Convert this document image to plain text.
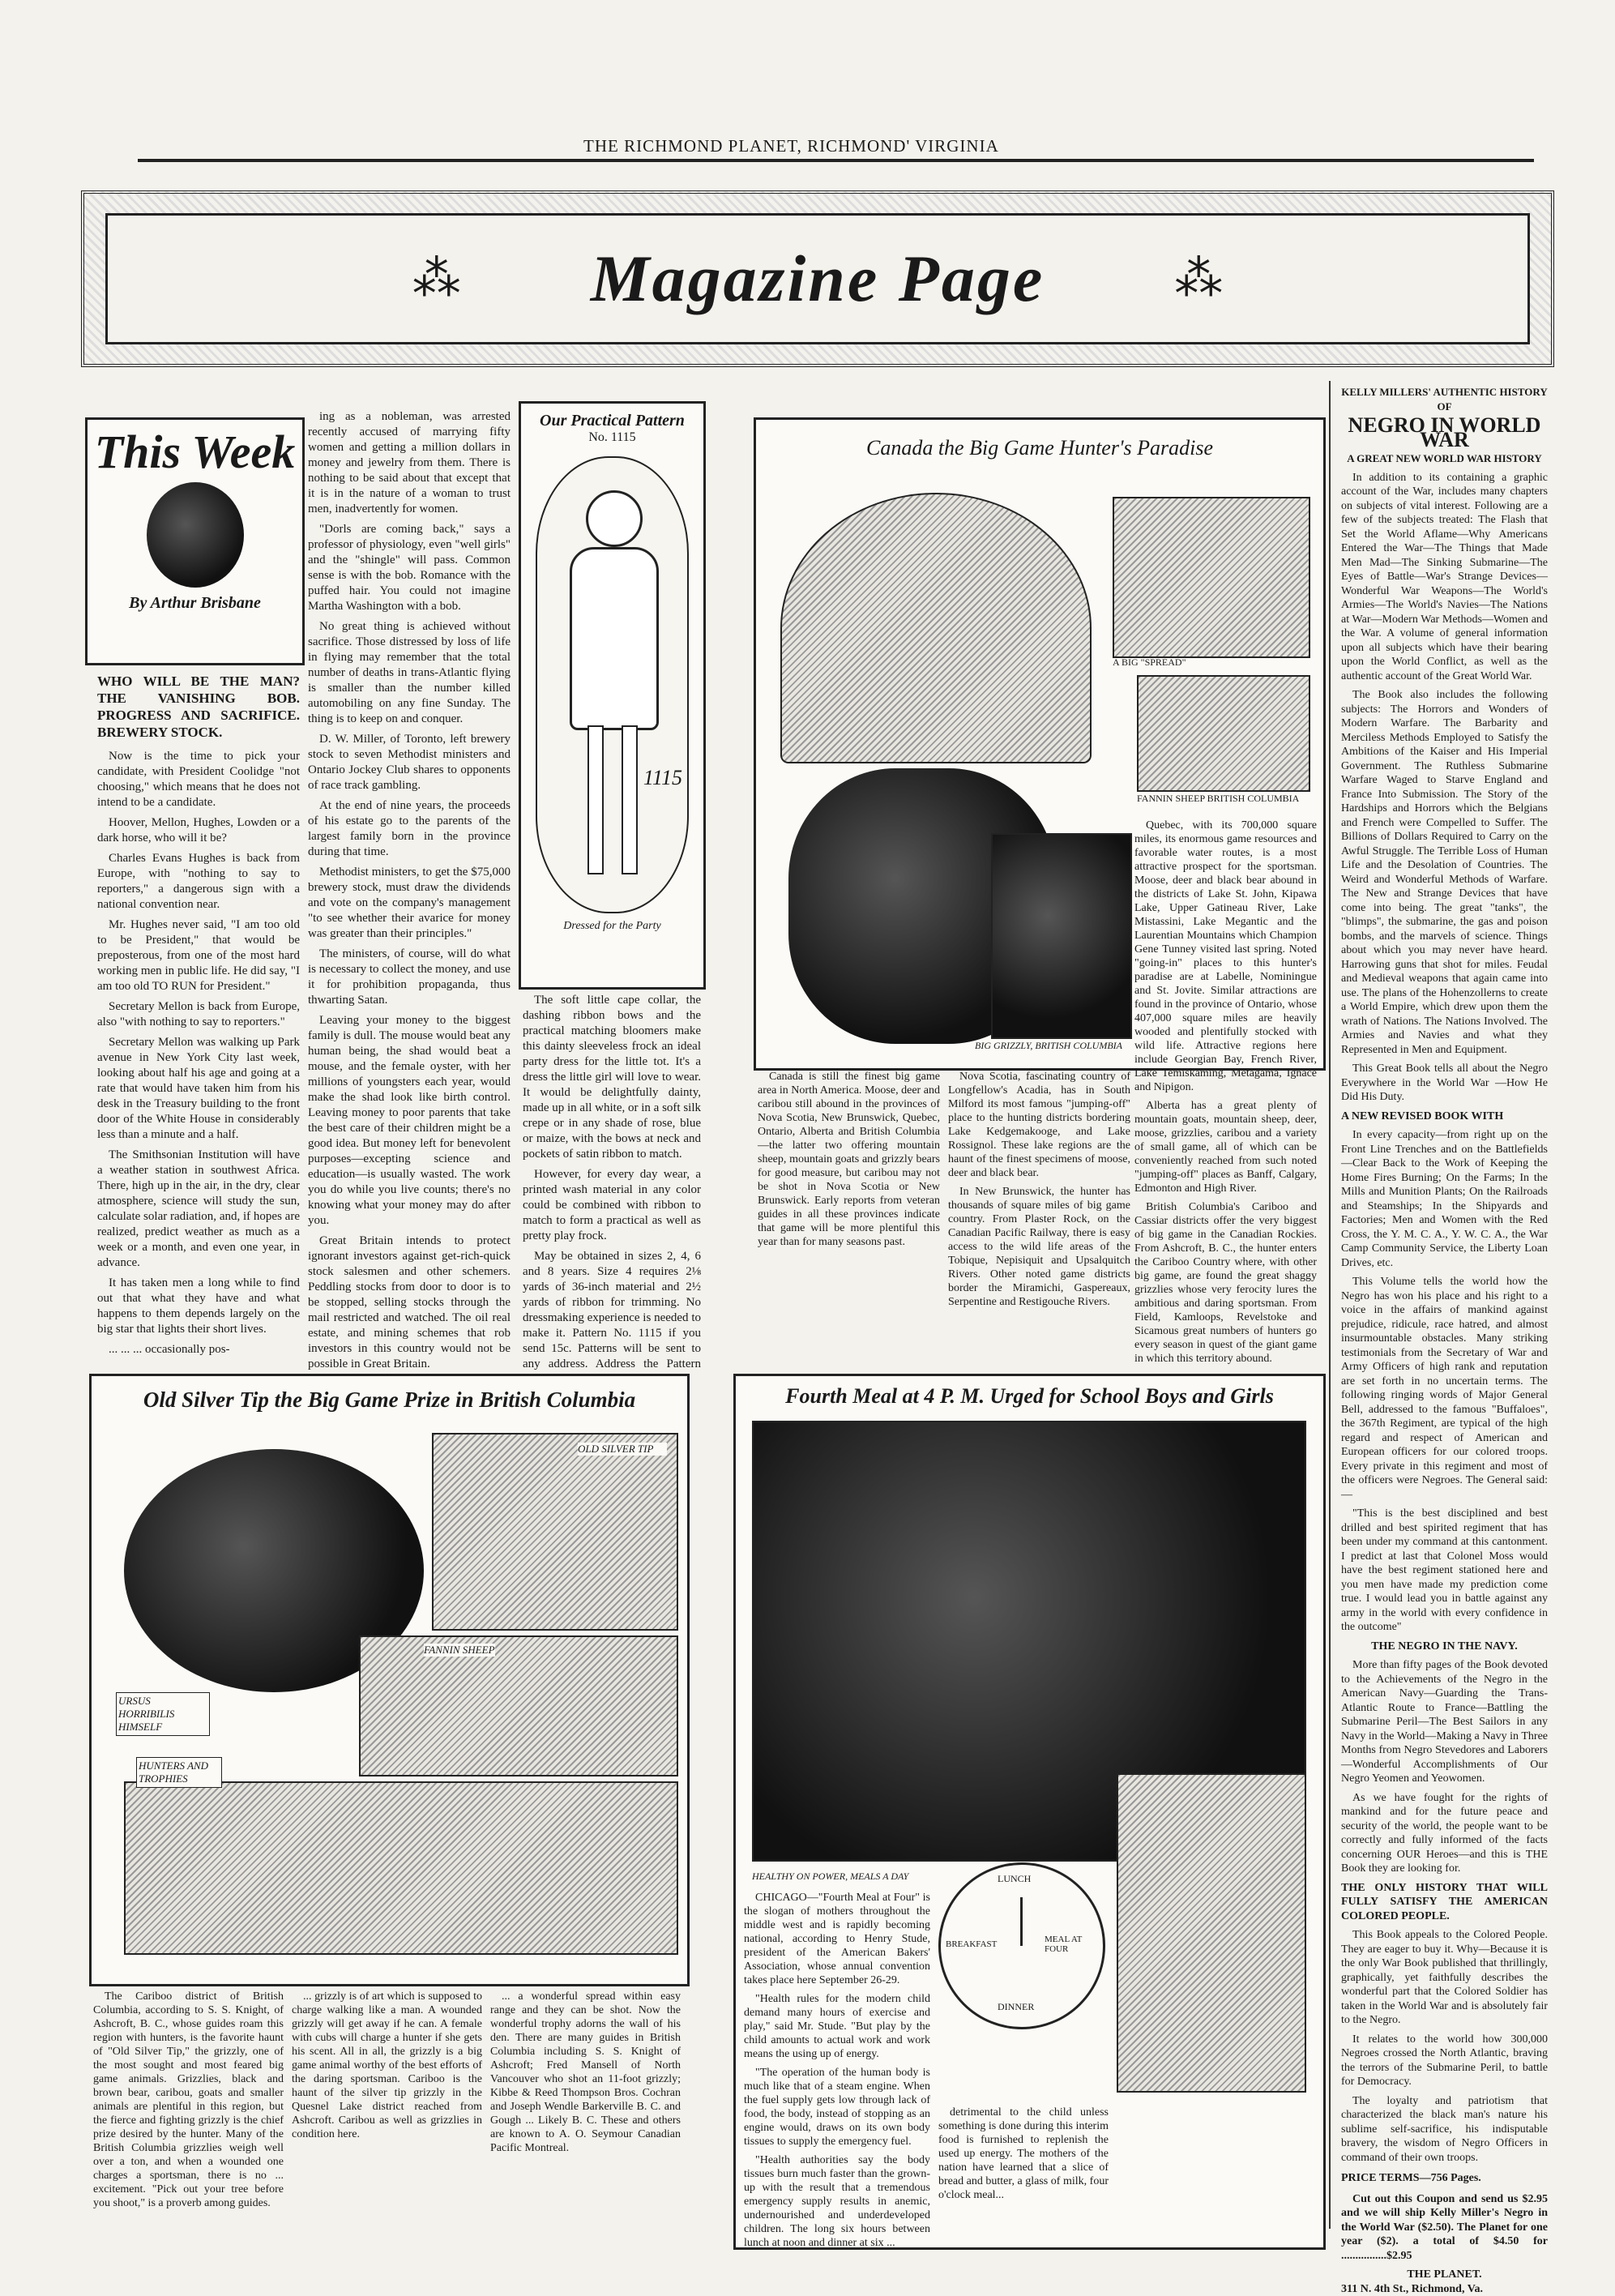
THE RICHMOND PLANET, RICHMOND' VIRGINIA
⁂ Magazine Page	⁂
This Week
By Arthur Brisbane
WHO WILL BE THE MAN? THE VANISHING BOB. PROGRESS AND SACRIFICE. BREWERY STOCK.

Now is the time to pick your candidate, with President Coolidge "not choosing," which means that he does not intend to be a candidate.

Hoover, Mellon, Hughes, Lowden or a dark horse, who will it be?

Charles Evans Hughes is back from Europe, with "nothing to say to reporters," a dangerous sign with a national convention near.

Mr. Hughes never said, "I am too old to be President," that would be preposterous, from one of the most hard working men in public life. He did say, "I am too old TO RUN for President."

Secretary Mellon is back from Europe, also "with nothing to say to reporters."

Secretary Mellon was walking up Park avenue in New York City last week, looking about half his age and going at a rate that would have taken him from his desk in the Treasury building to the front door of the White House in considerably less than a minute and a half.

The Smithsonian Institution will have a weather station in southwest Africa. There, high up in the air, in the dry, clear atmosphere, science will study the sun, calculate solar radiation, and, if hopes are realized, predict weather as much as a week or a month, and even one year, in advance.

It has taken men a long while to find out that what they have and what happens to them depends largely on the big star that lights their short lives.

... ... ... occasionally pos-

ing as a nobleman, was arrested recently accused of marrying fifty women and getting a million dollars in money and jewelry from them. There is nothing to be said about that except that it is in the nature of a woman to trust men, inadvertently for women.

"Dorls are coming back," says a professor of physiology, even "well girls" and the "shingle" will pass. Common sense is with the bob. Romance with the puffed hair. You could not imagine Martha Washington with a bob.

No great thing is achieved without sacrifice. Those distressed by loss of life in flying may remember that the total number of deaths in trans-Atlantic flying is smaller than the number killed automobiling on any fine Sunday. The thing is to keep on and conquer.

D. W. Miller, of Toronto, left brewery stock to seven Methodist ministers and Ontario Jockey Club shares to opponents of race track gambling.

At the end of nine years, the proceeds of his estate go to the parents of the largest family born in the province during that time.

Methodist ministers, to get the $75,000 brewery stock, must draw the dividends and vote on the company's management "to see whether their avarice for money was greater than their principles."

The ministers, of course, will do what is necessary to collect the money, and use it for prohibition propaganda, thus thwarting Satan.

Leaving your money to the biggest family is dull. The mouse would beat any human being, the shad would beat a mouse, and the female oyster, with her millions of youngsters each year, would make the shad look like birth control. Leaving money to poor parents that take the best care of their children might be a good idea. But money left for benevolent purposes—excepting science and education—is usually wasted. The work you do while you live counts; there's no knowing what your money may do after you.

Great Britain intends to protect ignorant investors against get-rich-quick stock salesmen and other schemers. Peddling stocks from door to door is to be stopped, selling stocks through the mail restricted and watched. The oil real estate, and mining schemes that rob investors in this country would not be possible in Great Britain.

Our Practical Pattern
No. 1115
1115
Dressed for the Party

The soft little cape collar, the dashing ribbon bows and the practical matching bloomers make this dainty sleeveless frock an ideal party dress for the little tot. It's a dress the little girl will love to wear. It would be delightfully dainty, made up in all white, or in a soft silk crepe or in any shade of rose, blue or maize, with the bows at neck and pockets of satin ribbon to match.

However, for every day wear, a printed wash material in any color could be combined with ribbon to match to form a practical as well as pretty play frock.

May be obtained in sizes 2, 4, 6 and 8 years. Size 4 requires 2⅛ yards of 36-inch material and 2½ yards of ribbon for trimming. No dressmaking experience is needed to make it. Pattern No. 1115 if you send 15c. Patterns will be sent to any address. Address the Pattern

Canada the Big Game Hunter's Paradise
A BIG "SPREAD"
FANNIN SHEEP BRITISH COLUMBIA
BIG GRIZZLY, BRITISH COLUMBIA

Quebec, with its 700,000 square miles, its enormous game resources and favorable water routes, is a most attractive prospect for the sportsman. Moose, deer and black bear abound in the districts of Lake St. John, Kipawa Lake, Upper Gatineau River, Lake Mistassini, Lake Megantic and the Laurentian Mountains which Champion Gene Tunney visited last spring. Noted "going-in" places to this hunter's paradise are at Labelle, Nominingue and St. Jovite. Similar attractions are found in the province of Ontario, whose 407,000 square miles are heavily wooded and plentifully stocked with wild life. Attractive regions here include Georgian Bay, French River, Lake Temiskaming, Metagama, Ignace and Nipigon.

Alberta has a great plenty of mountain goats, mountain sheep, deer, moose, grizzlies, caribou and a variety of small game, all of which can be conveniently reached from such noted "jumping-off" places as Banff, Calgary, Edmonton and High River.

British Columbia's Cariboo and Cassiar districts offer the very biggest of big game in the Canadian Rockies. From Ashcroft, B. C., the hunter enters the Cariboo Country where, with other big game, are found the great shaggy grizzlies whose very ferocity lures the ambitious and daring sportsman. From Field, Kamloops, Revelstoke and Sicamous great numbers of hunters go every season in quest of the giant game in which this territory abound.

Canada is still the finest big game area in North America. Moose, deer and caribou still abound in the provinces of Nova Scotia, New Brunswick, Quebec, Ontario, Alberta and British Columbia—the latter two offering mountain sheep, mountain goats and grizzly bears for good measure, but caribou may not be shot in Nova Scotia or New Brunswick. Early reports from veteran guides in all these provinces indicate that game will be more plentiful this year than for many seasons past.

Nova Scotia, fascinating country of Longfellow's Acadia, has in South Milford its most famous "jumping-off" place to the hunting districts bordering Lake Kedgemakooge, and Lake Rossignol. These lake regions are the haunt of the finest specimens of moose, deer and black bear.

In New Brunswick, the hunter has thousands of square miles of big game country. From Plaster Rock, on the Canadian Pacific Railway, there is easy access to the wild life areas of the Tobique, Nepisiquit and Upsalquitch Rivers. Other noted game districts border the Miramichi, Gaspereaux, Serpentine and Restigouche Rivers.

KELLY MILLERS' AUTHENTIC HISTORY OF
NEGRO IN WORLD WAR
A GREAT NEW WORLD WAR HISTORY

In addition to its containing a graphic account of the War, includes many chapters on subjects of vital interest. Following are a few of the subjects treated: The Flash that Set the World Aflame—Why Americans Entered the War—The Things that Made Men Mad—The Sinking Submarine—The Eyes of Battle—War's Strange Devices—Wonderful War Weapons—The World's Armies—The World's Navies—The Nations at War—Modern War Methods—Women and the War. A volume of general information upon all subjects which have their bearing upon the World Conflict, as well as the authentic account of the Great World War.

The Book also includes the following subjects: The Horrors and Wonders of Modern Warfare. The Barbarity and Merciless Methods Employed to Satisfy the Ambitions of the Kaiser and His Imperial Government. The Ruthless Submarine Warfare Waged to Starve England and France Into Submission. The Story of the Hardships and Horrors which the Belgians and French were Compelled to Suffer. The Billions of Dollars Required to Carry on the Awful Struggle. The Terrible Loss of Human Life and the Desolation of Countries. The Weird and Wonderful Methods of Warfare. The New and Strange Devices that have come into being. The great "tanks", the "blimps", the submarine, the gas and poison bombs, and the marvels of science. Things about which you may never have heard. Harrowing guns that shot for miles. Feudal and Medieval weapons that again came into use. The plans of the Hohenzollerns to create a World Empire, which drew upon them the wrath of Nations. The Nations Involved. The Armies and Navies and what they Represented in Men and Equipment.

This Great Book tells all about the Negro Everywhere in the World War —How He Did His Duty.

A NEW REVISED BOOK WITH

In every capacity—from right up on the Front Line Trenches and on the Battlefields—Clear Back to the Work of Keeping the Home Fires Burning; On the Farms; In the Mills and Munition Plants; On the Railroads and Steamships; In the Shipyards and Factories; Men and Women with the Red Cross, the Y. M. C. A., Y. W. C. A., the War Camp Community Service, the Liberty Loan Drives, etc.

This Volume tells the world how the Negro has won his place and his right to a voice in the affairs of mankind against prejudice, ridicule, race hatred, and almost insurmountable obstacles. Many striking testimonials from the Secretary of War and Army Officers of high rank and reputation are set forth in no uncertain terms. The following ringing words of Major General Bell, addressed to the famous "Buffaloes", the 367th Regiment, are typical of the high regard and respect of American and European officers for our colored troops. Every private in this regiment and most of the officers were Negroes. The General said:—

"This is the best disciplined and best drilled and best spirited regiment that has been under my command at this cantonment. I predict at last that Colonel Moss would have the best regiment stationed here and you men have made my prediction come true. I would lead you in battle against any army in the world with every confidence in the outcome"

THE NEGRO IN THE NAVY.

More than fifty pages of the Book devoted to the Achievements of the Negro in the American Navy—Guarding the Trans-Atlantic Route to France—Battling the Submarine Peril—The Best Sailors in any Navy in the World—Making a Navy in Three Months from Negro Stevedores and Laborers—Wonderful Accomplishments of Our Negro Yeomen and Yeowomen.

As we have fought for the rights of mankind and for the future peace and security of the world, the people want to be correctly and fully informed of the facts concerning OUR Heroes—and this is THE Book they are looking for.

THE ONLY HISTORY THAT WILL FULLY SATISFY THE AMERICAN COLORED PEOPLE.

This Book appeals to the Colored People. They are eager to buy it. Why—Because it is the only War Book published that thrillingly, graphically, yet faithfully describes the wonderful part that the Colored Soldier has taken in the World War and is absolutely fair to the Negro.

It relates to the world how 300,000 Negroes crossed the North Atlantic, braving the terrors of the Submarine Peril, to battle for Democracy.

The loyalty and patriotism that characterized the black man's nature his sublime self-sacrifice, his indisputable bravery, the wisdom of Negro Officers in command of their own troops.

PRICE TERMS—756 Pages.

Cut out this Coupon and send us $2.95 and we will ship Kelly Miller's Negro in the World War ($2.50). The Planet for one year ($2). a total of $4.50 for ................$2.95

THE PLANET.
311 N. 4th St., Richmond, Va.
Old Silver Tip the Big Game Prize in British Columbia
OLD SILVER TIP
FANNIN SHEEP
URSUS HORRIBILIS HIMSELF
HUNTERS AND TROPHIES

The Cariboo district of British Columbia, according to S. S. Knight, of Ashcroft, B. C., whose guides roam this region with hunters, is the favorite haunt of "Old Silver Tip," the grizzly, one of the most sought and most feared big game animals. Grizzlies, black and brown bear, caribou, goats and smaller animals are plentiful in this region, but the fierce and fighting grizzly is the chief prize desired by the hunter. Many of the British Columbia grizzlies weigh well over a ton, and when a wounded one charges a sportsman, there is no ... excitement. "Pick out your tree before you shoot," is a proverb among guides.

... grizzly is of art which is supposed to charge walking like a man. A wounded grizzly will get away if he can. A female with cubs will charge a hunter if she gets his scent. All in all, the grizzly is a big game animal worthy of the best efforts of the daring sportsman. Cariboo is the haunt of the silver tip grizzly in the Quesnel Lake district reached from Ashcroft. Caribou as well as grizzlies in condition here.

... a wonderful spread within easy range and they can be shot. Now the wonderful trophy adorns the wall of his den. There are many guides in British Columbia including S. S. Knight of Ashcroft; Fred Mansell of North Vancouver who shot an 11-foot grizzly; Kibbe & Reed Thompson Bros. Cochran and Joseph Wendle Barkerville B. C. and Gough ... Likely B. C. These and others are known to A. O. Seymour Canadian Pacific Montreal.

Fourth Meal at 4 P. M. Urged for School Boys and Girls
HEALTHY ON POWER, MEALS A DAY	LUNCH
BREAKFAST	MEAL AT FOUR
DINNER

CHICAGO—"Fourth Meal at Four" is the slogan of mothers throughout the middle west and is rapidly becoming national, according to Henry Stude, president of the American Bakers' Association, whose annual convention takes place here September 26-29.

"Health rules for the modern child demand many hours of exercise and play," said Mr. Stude. "But play by the child amounts to actual work and work means the using up of energy.

"The operation of the human body is much like that of a steam engine. When the fuel supply gets low through lack of food, the body, instead of stopping as an engine would, draws on its own body tissues to supply the emergency fuel.

"Health authorities say the body tissues burn much faster than the grown-up with the result that a tremendous emergency supply results in anemic, undernourished and underdeveloped children. The long six hours between lunch at noon and dinner at six ...

detrimental to the child unless something is done during this interim food is furnished to replenish the used up energy. The mothers of the nation have learned that a slice of bread and butter, a glass of milk, four o'clock meal...
